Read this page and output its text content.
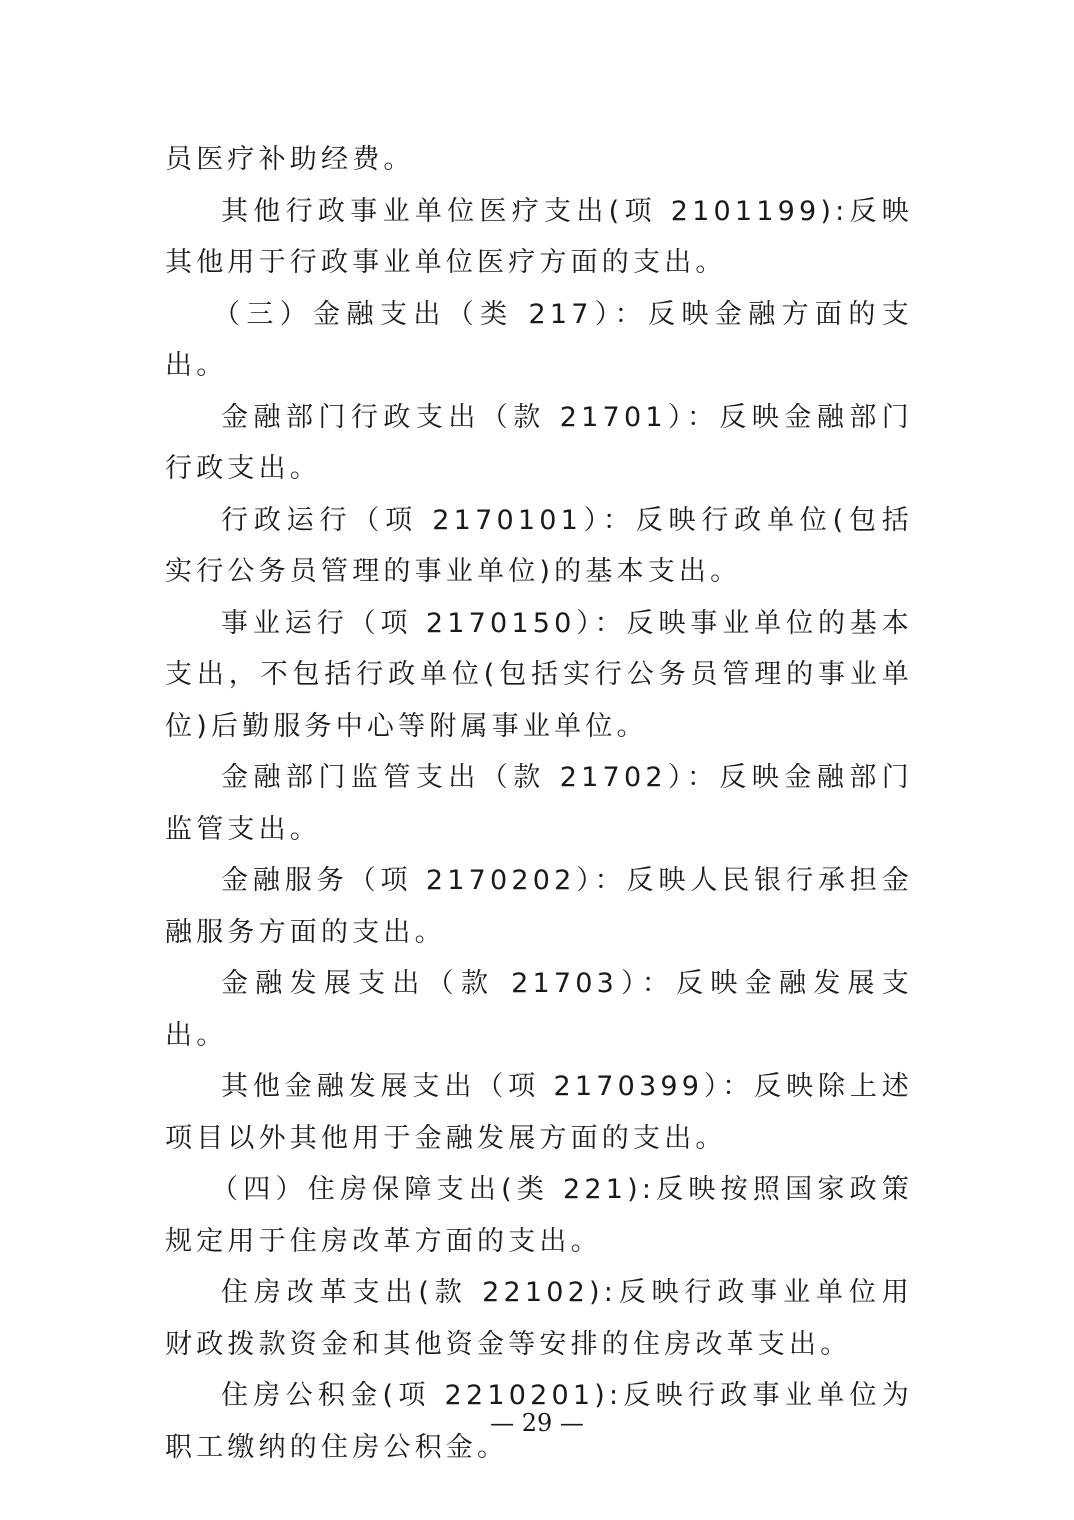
员医疗补助经费。

其他行政事业单位医疗支出(项 2101199):反映其他用于行政事业单位医疗方面的支出。

（三）金融支出（类 217）：反映金融方面的支出。

金融部门行政支出（款 21701）：反映金融部门行政支出。

行政运行（项 2170101）：反映行政单位(包括实行公务员管理的事业单位)的基本支出。

事业运行（项 2170150）：反映事业单位的基本支出，不包括行政单位(包括实行公务员管理的事业单位)后勤服务中心等附属事业单位。

金融部门监管支出（款 21702）：反映金融部门监管支出。

金融服务（项 2170202）：反映人民银行承担金融服务方面的支出。

金融发展支出（款 21703）：反映金融发展支出。

其他金融发展支出（项 2170399）：反映除上述项目以外其他用于金融发展方面的支出。

（四）住房保障支出(类 221):反映按照国家政策规定用于住房改革方面的支出。

住房改革支出(款 22102):反映行政事业单位用财政拨款资金和其他资金等安排的住房改革支出。

住房公积金(项 2210201):反映行政事业单位为职工缴纳的住房公积金。

— 29 —
